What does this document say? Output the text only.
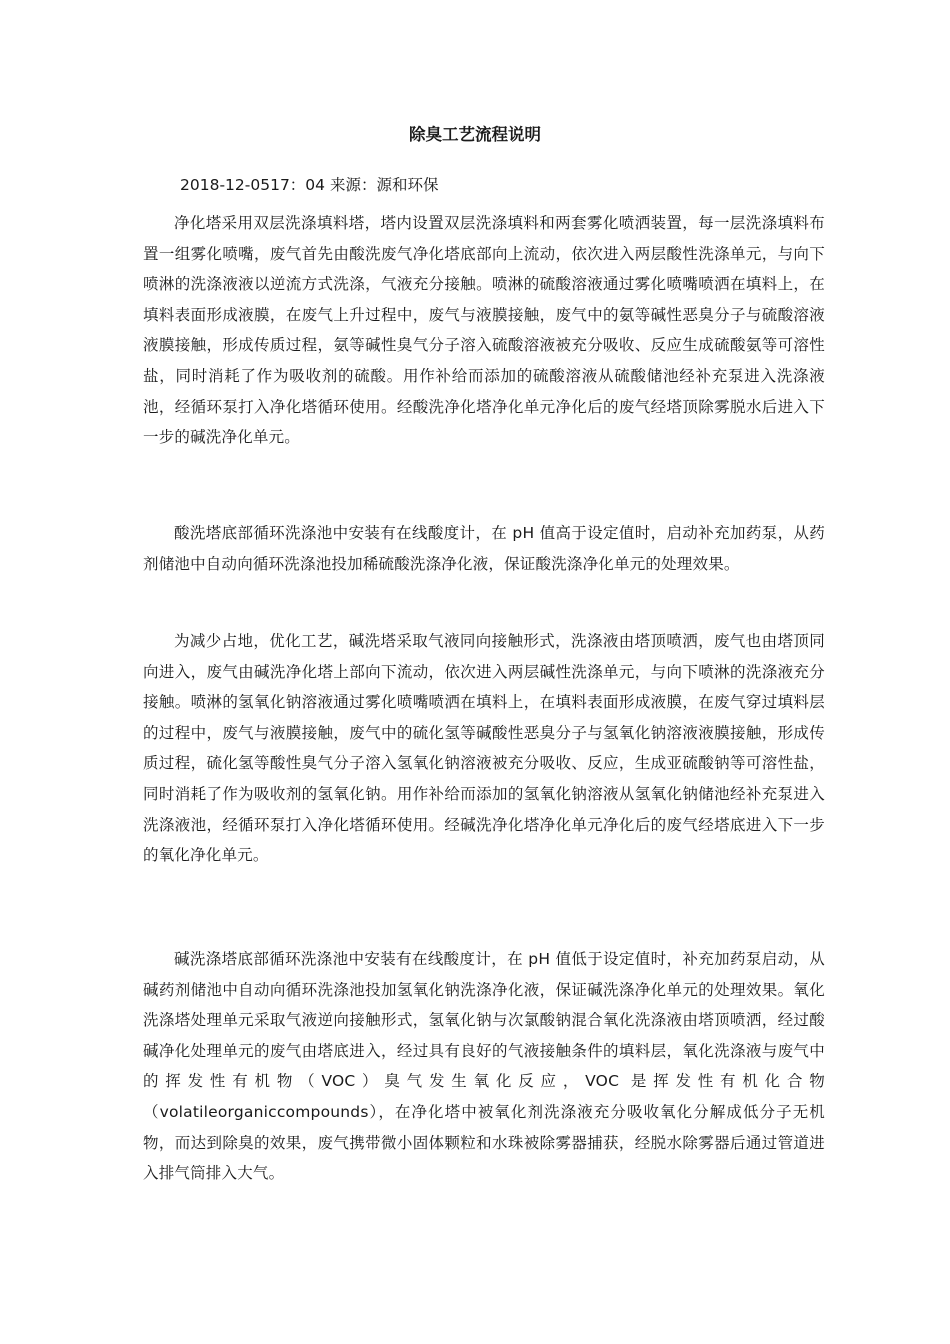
除臭工艺流程说明

2018-12-0517：04 来源：源和环保

净化塔采用双层洗涤填料塔，塔内设置双层洗涤填料和两套雾化喷洒装置，每一层洗涤填料布置一组雾化喷嘴，废气首先由酸洗废气净化塔底部向上流动，依次进入两层酸性洗涤单元，与向下喷淋的洗涤液液以逆流方式洗涤，气液充分接触。喷淋的硫酸溶液通过雾化喷嘴喷洒在填料上，在填料表面形成液膜，在废气上升过程中，废气与液膜接触，废气中的氨等碱性恶臭分子与硫酸溶液液膜接触，形成传质过程，氨等碱性臭气分子溶入硫酸溶液被充分吸收、反应生成硫酸氨等可溶性盐，同时消耗了作为吸收剂的硫酸。用作补给而添加的硫酸溶液从硫酸储池经补充泵进入洗涤液池，经循环泵打入净化塔循环使用。经酸洗净化塔净化单元净化后的废气经塔顶除雾脱水后进入下一步的碱洗净化单元。

酸洗塔底部循环洗涤池中安装有在线酸度计，在 pH 值高于设定值时，启动补充加药泵，从药剂储池中自动向循环洗涤池投加稀硫酸洗涤净化液，保证酸洗涤净化单元的处理效果。

为减少占地，优化工艺，碱洗塔采取气液同向接触形式，洗涤液由塔顶喷洒，废气也由塔顶同向进入，废气由碱洗净化塔上部向下流动，依次进入两层碱性洗涤单元，与向下喷淋的洗涤液充分接触。喷淋的氢氧化钠溶液通过雾化喷嘴喷洒在填料上，在填料表面形成液膜，在废气穿过填料层的过程中，废气与液膜接触，废气中的硫化氢等碱酸性恶臭分子与氢氧化钠溶液液膜接触，形成传质过程，硫化氢等酸性臭气分子溶入氢氧化钠溶液被充分吸收、反应，生成亚硫酸钠等可溶性盐，同时消耗了作为吸收剂的氢氧化钠。用作补给而添加的氢氧化钠溶液从氢氧化钠储池经补充泵进入洗涤液池，经循环泵打入净化塔循环使用。经碱洗净化塔净化单元净化后的废气经塔底进入下一步的氧化净化单元。

碱洗涤塔底部循环洗涤池中安装有在线酸度计，在 pH 值低于设定值时，补充加药泵启动，从碱药剂储池中自动向循环洗涤池投加氢氧化钠洗涤净化液，保证碱洗涤净化单元的处理效果。氧化洗涤塔处理单元采取气液逆向接触形式，氢氧化钠与次氯酸钠混合氧化洗涤液由塔顶喷洒，经过酸碱净化处理单元的废气由塔底进入，经过具有良好的气液接触条件的填料层，氧化洗涤液与废气中的挥发性有机物（VOC）臭气发生氧化反应，VOC 是挥发性有机化合物（volatileorganiccompounds），在净化塔中被氧化剂洗涤液充分吸收氧化分解成低分子无机物，而达到除臭的效果，废气携带微小固体颗粒和水珠被除雾器捕获，经脱水除雾器后通过管道进入排气筒排入大气。
